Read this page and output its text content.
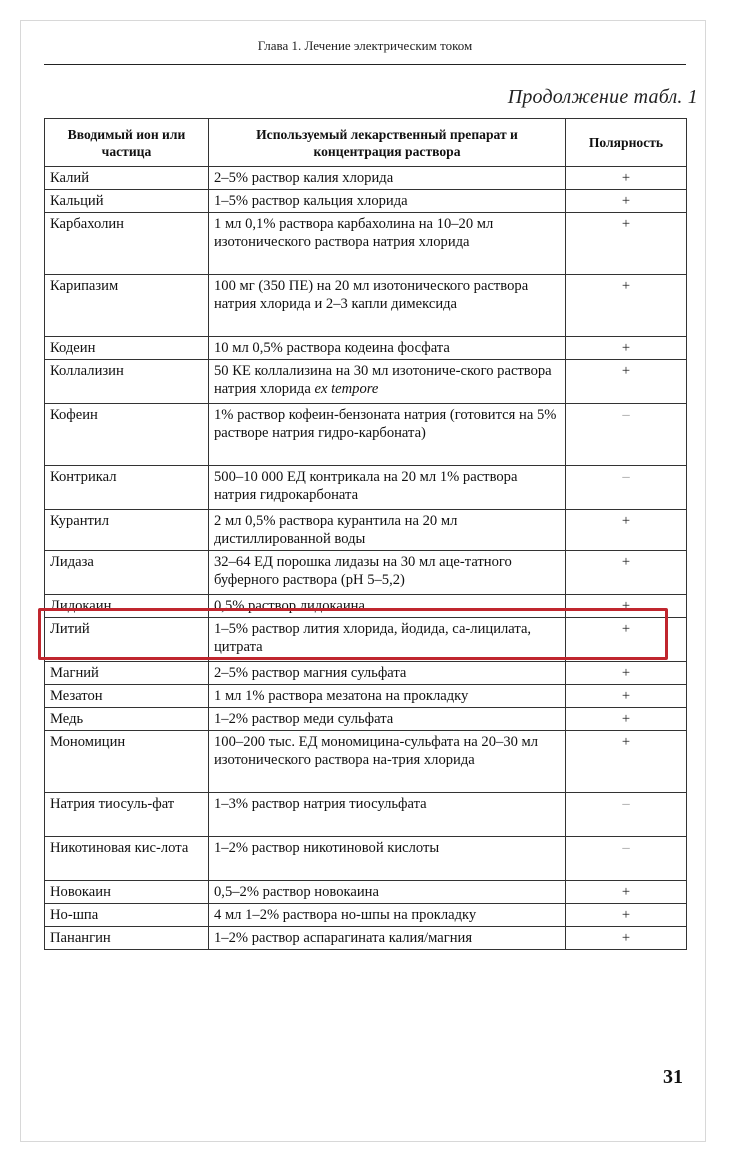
Глава 1. Лечение электрическим током
Продолжение табл. 1
Вводимый ион или частица	Используемый лекарственный препарат и концентрация раствора	Полярность
Калий	2–5% раствор калия хлорида	+
Кальций	1–5% раствор кальция хлорида	+
Карбахолин	1 мл 0,1% раствора карбахолина на 10–20 мл изотонического раствора натрия хлорида	+
Карипазим	100 мг (350 ПЕ) на 20 мл изотонического раствора натрия хлорида и 2–3 капли димексида	+
Кодеин	10 мл 0,5% раствора кодеина фосфата	+
Коллализин	50 КЕ коллализина на 30 мл изотониче-ского раствора натрия хлорида ex tempore	+
Кофеин	1% раствор кофеин-бензоната натрия (готовится на 5% растворе натрия гидро-карбоната)	–
Контрикал	500–10 000 ЕД контрикала на 20 мл 1% раствора натрия гидрокарбоната	–
Курантил	2 мл 0,5% раствора курантила на 20 мл дистиллированной воды	+
Лидаза	32–64 ЕД порошка лидазы на 30 мл аце-татного буферного раствора (pH 5–5,2)	+
Лидокаин	0,5% раствор лидокаина	+
Литий	1–5% раствор лития хлорида, йодида, са-лицилата, цитрата	+
Магний	2–5% раствор магния сульфата	+
Мезатон	1 мл 1% раствора мезатона на прокладку	+
Медь	1–2% раствор меди сульфата	+
Мономицин	100–200 тыс. ЕД мономицина-сульфата на 20–30 мл изотонического раствора на-трия хлорида	+
Натрия тиосуль-фат	1–3% раствор натрия тиосульфата	–
Никотиновая кис-лота	1–2% раствор никотиновой кислоты	–
Новокаин	0,5–2% раствор новокаина	+
Но-шпа	4 мл 1–2% раствора но-шпы на прокладку	+
Панангин	1–2% раствор аспарагината калия/магния	+
31
